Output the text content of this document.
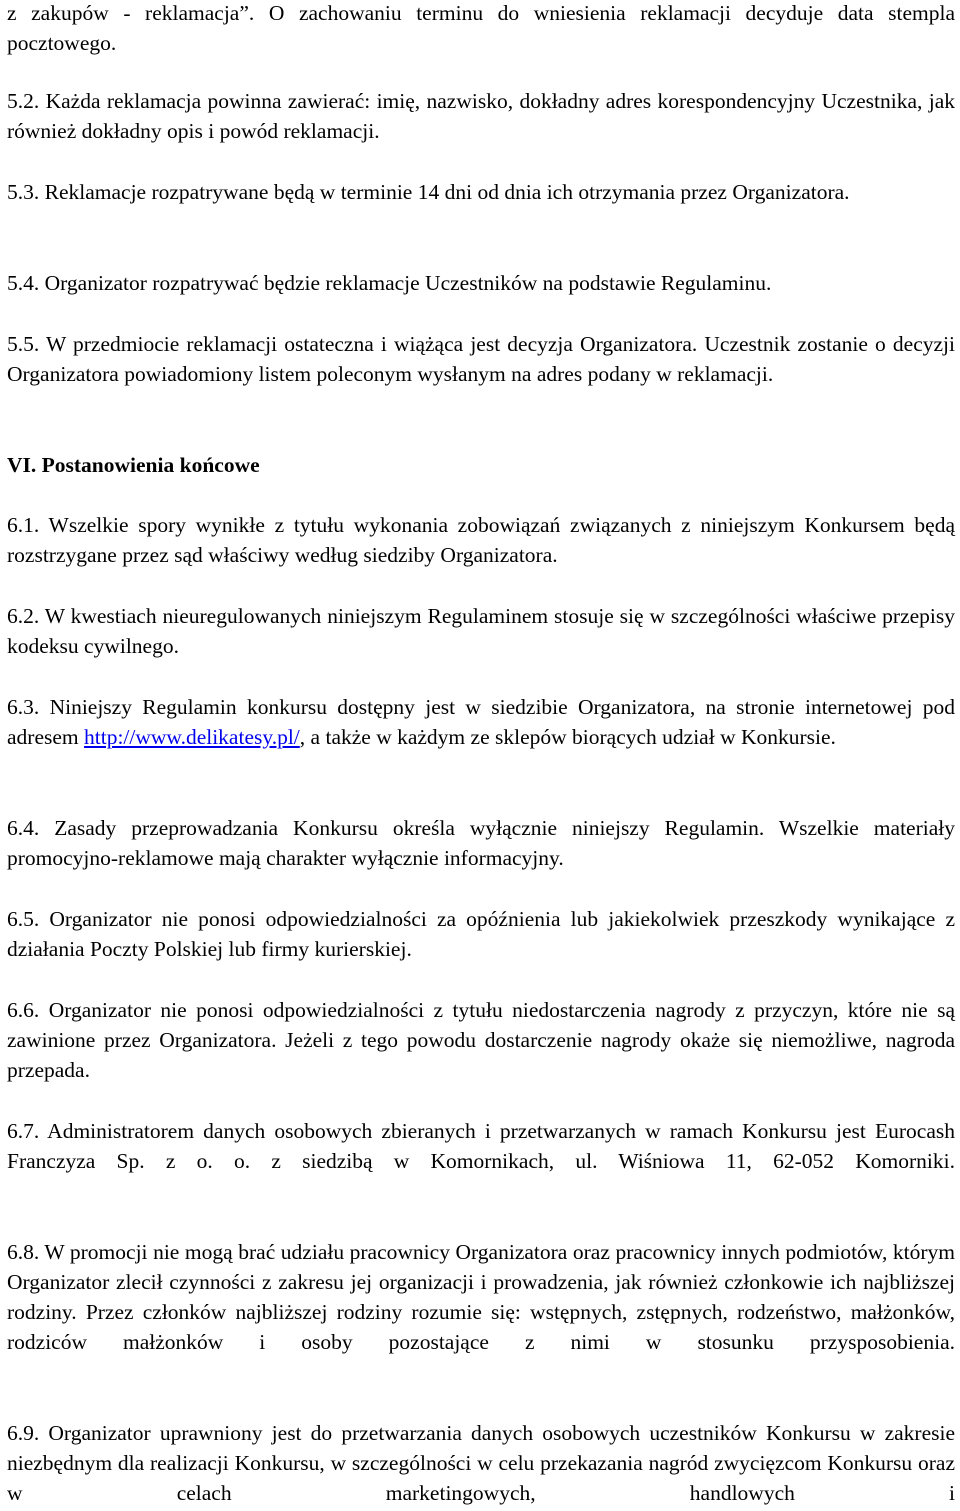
z zakupów - reklamacja”. O zachowaniu terminu do wniesienia reklamacji decyduje data stempla pocztowego.

5.2. Każda reklamacja powinna zawierać: imię, nazwisko, dokładny adres korespondencyjny Uczestnika, jak również dokładny opis i powód reklamacji.

5.3. Reklamacje rozpatrywane będą w terminie 14 dni od dnia ich otrzymania przez Organizatora.

5.4. Organizator rozpatrywać będzie reklamacje Uczestników na podstawie Regulaminu.

5.5. W przedmiocie reklamacji ostateczna i wiążąca jest decyzja Organizatora. Uczestnik zostanie o decyzji Organizatora powiadomiony listem poleconym wysłanym na adres podany w reklamacji.

VI. Postanowienia końcowe

6.1. Wszelkie spory wynikłe z tytułu wykonania zobowiązań związanych z niniejszym Konkursem będą rozstrzygane przez sąd właściwy według siedziby Organizatora.

6.2. W kwestiach nieuregulowanych niniejszym Regulaminem stosuje się w szczególności właściwe przepisy kodeksu cywilnego.

6.3. Niniejszy Regulamin konkursu dostępny jest w siedzibie Organizatora, na stronie internetowej pod adresem http://www.delikatesy.pl/, a także w każdym ze sklepów biorących udział w Konkursie.

6.4. Zasady przeprowadzania Konkursu określa wyłącznie niniejszy Regulamin. Wszelkie materiały promocyjno-reklamowe mają charakter wyłącznie informacyjny.

6.5. Organizator nie ponosi odpowiedzialności za opóźnienia lub jakiekolwiek przeszkody wynikające z działania Poczty Polskiej lub firmy kurierskiej.

6.6. Organizator nie ponosi odpowiedzialności z tytułu niedostarczenia nagrody z przyczyn, które nie są zawinione przez Organizatora. Jeżeli z tego powodu dostarczenie nagrody okaże się niemożliwe, nagroda przepada.

6.7. Administratorem danych osobowych zbieranych i przetwarzanych w ramach Konkursu jest Eurocash Franczyza Sp. z o. o. z siedzibą w Komornikach, ul. Wiśniowa 11, 62-052 Komorniki.

6.8. W promocji nie mogą brać udziału pracownicy Organizatora oraz pracownicy innych podmiotów, którym Organizator zlecił czynności z zakresu jej organizacji i prowadzenia, jak również członkowie ich najbliższej rodziny. Przez członków najbliższej rodziny rozumie się: wstępnych, zstępnych, rodzeństwo, małżonków, rodziców małżonków i osoby pozostające z nimi w stosunku przysposobienia.

6.9. Organizator uprawniony jest do przetwarzania danych osobowych uczestników Konkursu w zakresie niezbędnym dla realizacji Konkursu, w szczególności w celu przekazania nagród zwycięzcom Konkursu oraz w celach marketingowych, handlowych i
